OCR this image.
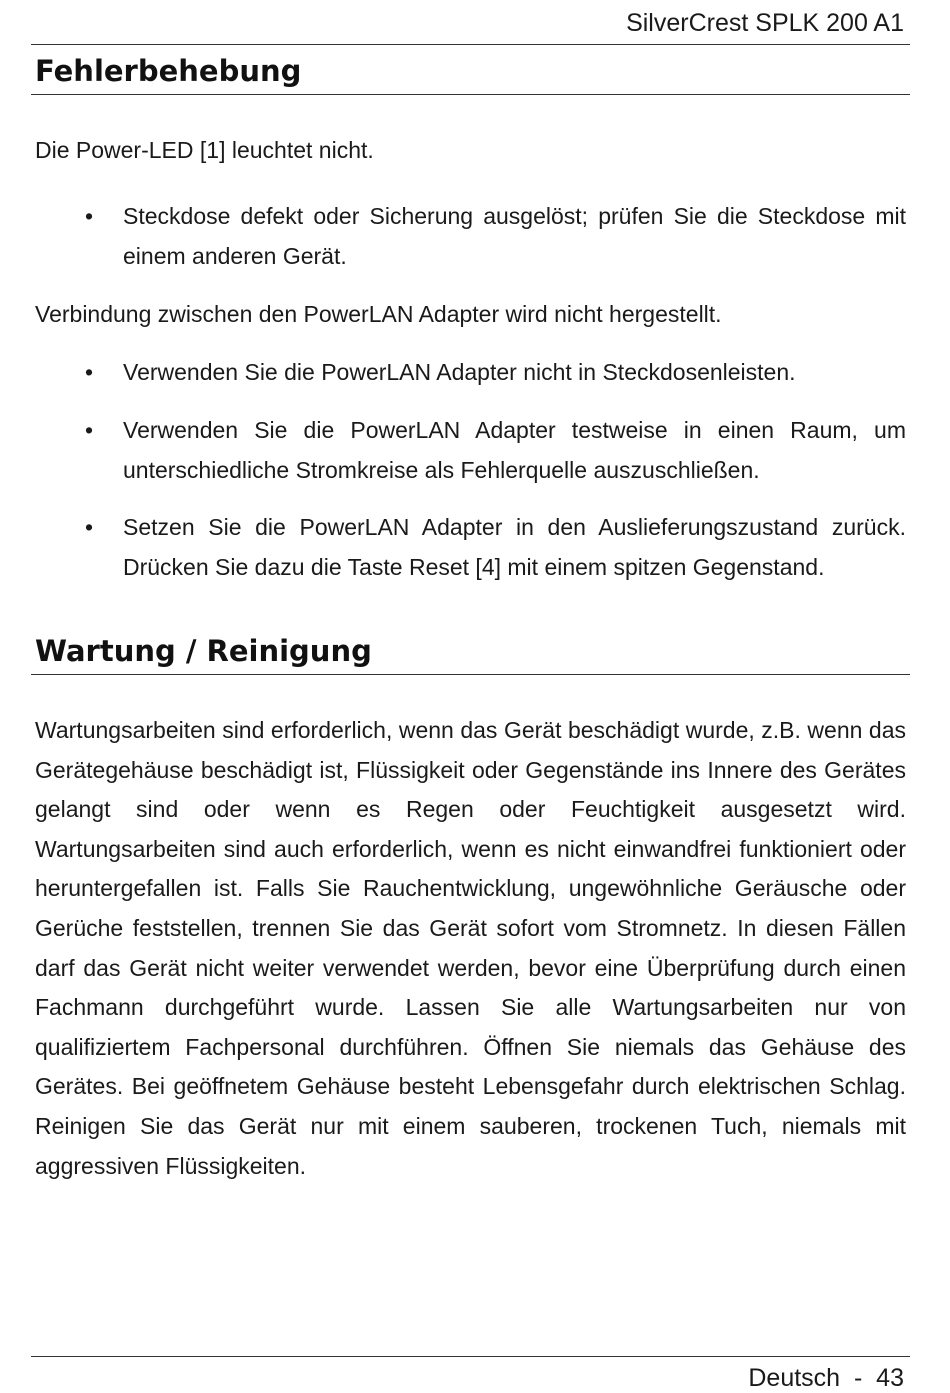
SilverCrest SPLK 200 A1
Fehlerbehebung

Die Power-LED [1] leuchtet nicht.

• Steckdose defekt oder Sicherung ausgelöst; prüfen Sie die Steckdose mit einem anderen Gerät.

Verbindung zwischen den PowerLAN Adapter wird nicht hergestellt.

• Verwenden Sie die PowerLAN Adapter nicht in Steckdosenleisten.
• Verwenden Sie die PowerLAN Adapter testweise in einen Raum, um unterschiedliche Stromkreise als Fehlerquelle auszuschließen.
• Setzen Sie die PowerLAN Adapter in den Auslieferungszustand zurück. Drücken Sie dazu die Taste Reset [4] mit einem spitzen Gegenstand.
Wartung / Reinigung

Wartungsarbeiten sind erforderlich, wenn das Gerät beschädigt wurde, z.B. wenn das Gerätegehäuse beschädigt ist, Flüssigkeit oder Gegenstände ins Innere des Gerätes gelangt sind oder wenn es Regen oder Feuchtigkeit ausgesetzt wird. Wartungsarbeiten sind auch erforderlich, wenn es nicht einwandfrei funktioniert oder heruntergefallen ist. Falls Sie Rauchentwicklung, ungewöhnliche Geräusche oder Gerüche feststellen, trennen Sie das Gerät sofort vom Stromnetz. In diesen Fällen darf das Gerät nicht weiter verwendet werden, bevor eine Überprüfung durch einen Fachmann durchgeführt wurde. Lassen Sie alle Wartungsarbeiten nur von qualifiziertem Fachpersonal durchführen. Öffnen Sie niemals das Gehäuse des Gerätes. Bei geöffnetem Gehäuse besteht Lebensgefahr durch elektrischen Schlag. Reinigen Sie das Gerät nur mit einem sauberen, trockenen Tuch, niemals mit aggressiven Flüssigkeiten.

Deutsch  -  43
